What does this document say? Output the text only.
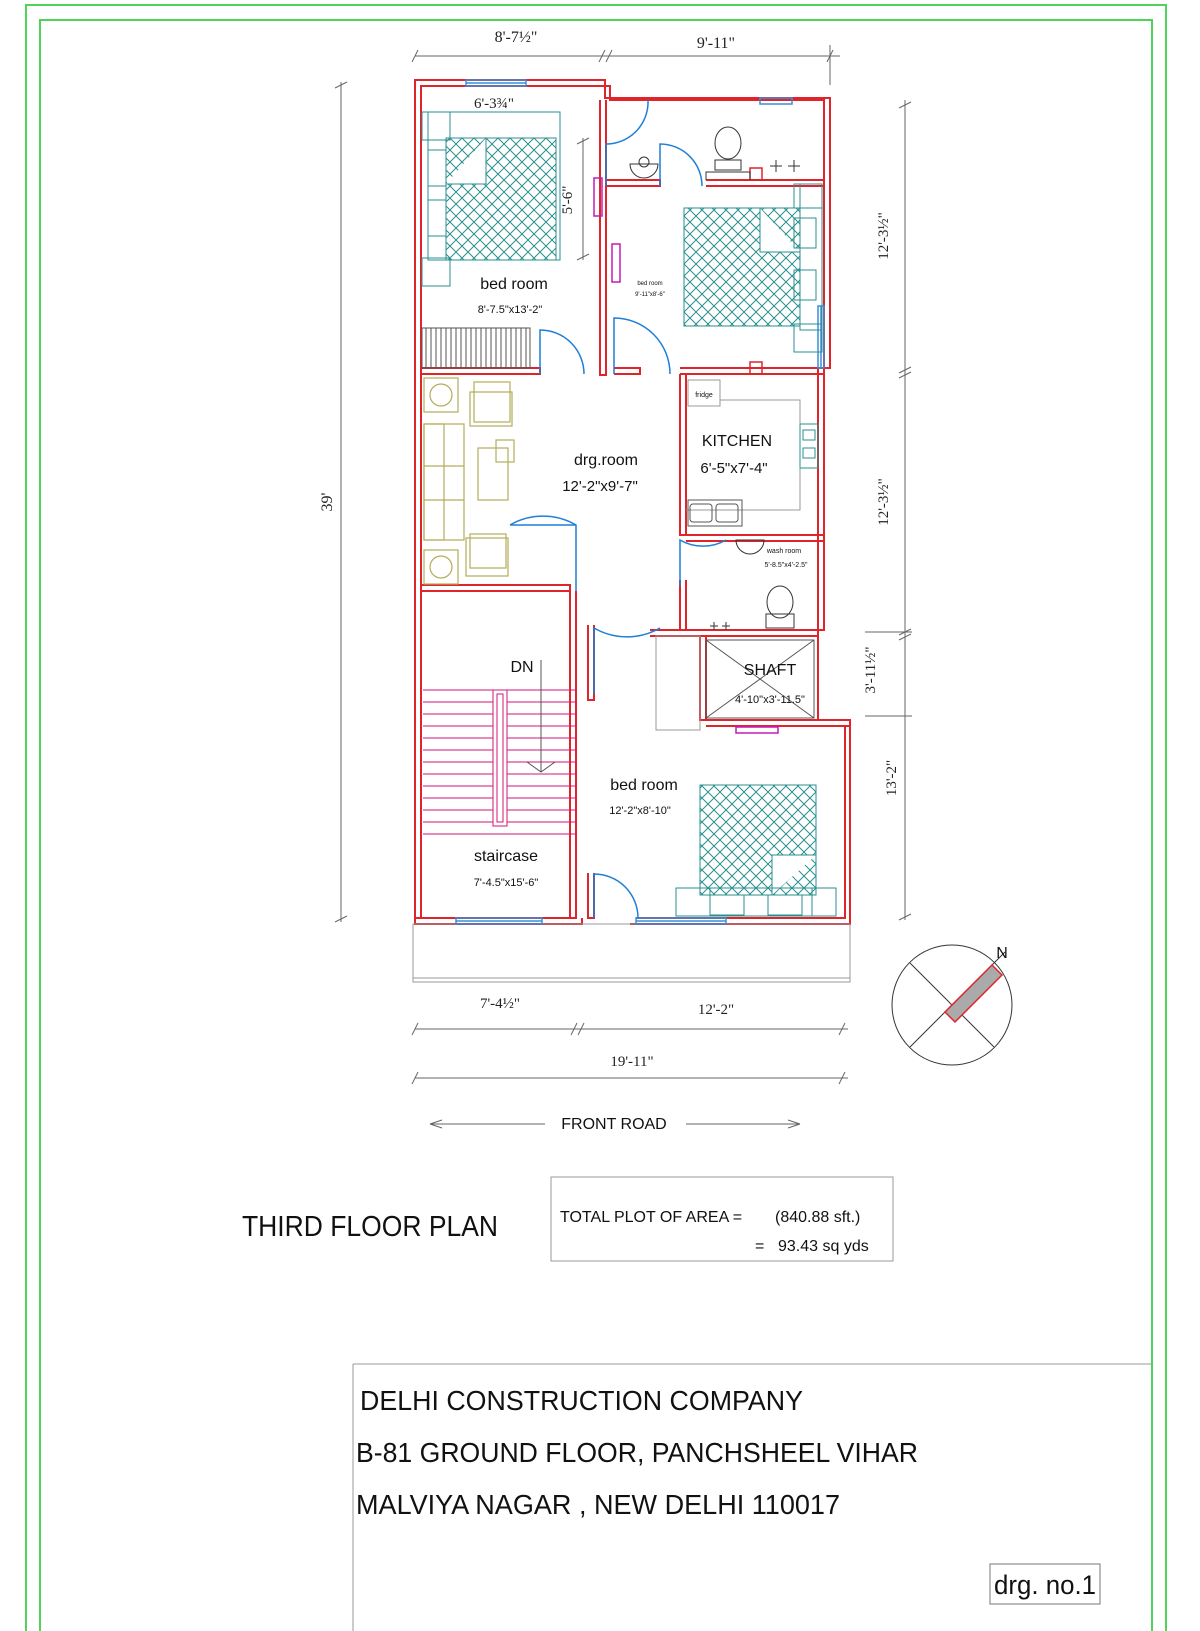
8'-7½"	9'-11"
6'-3¾"
5'-6"
39'
12'-3½"
12'-3½"
3'-11½"
13'-2"
7'-4½"	12'-2"
19'-11"
bed room
8'-7.5"x13'-2"
bed room
9'-11"x8'-6"
drg.room
12'-2"x9'-7"
fridge
KITCHEN
6'-5"x7'-4"
wash room
5'-8.5"x4'-2.5"
SHAFT
4'-10"x3'-11.5"
DN
bed room
12'-2"x8'-10"
staircase
7'-4.5"x15'-6"
N
FRONT ROAD
THIRD FLOOR PLAN	TOTAL PLOT OF AREA = (840.88 sft.)
= 93.43 sq yds
DELHI CONSTRUCTION COMPANY
B-81 GROUND FLOOR, PANCHSHEEL VIHAR
MALVIYA NAGAR , NEW DELHI 110017
drg. no.1
